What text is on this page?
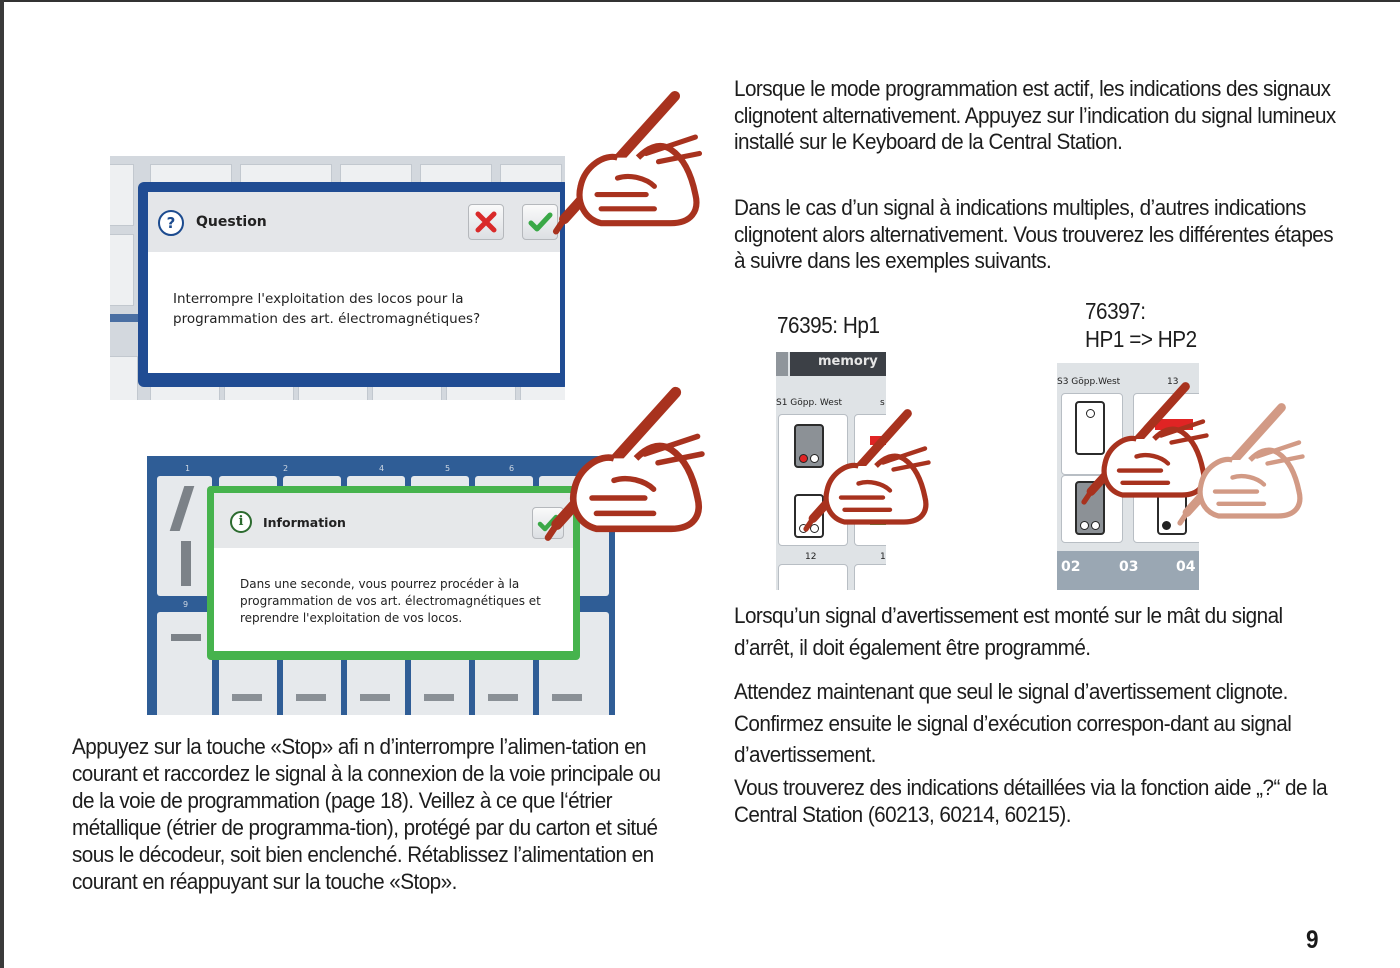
?	Question
Interrompre l'exploitation des locos pour la
programmation des art. électromagnétiques?
1	2	4	5	6
9
i	Information
Dans une seconde, vous pourrez procéder à la
programmation de vos art. électromagnétiques et
reprendre l'exploitation de vos locos.

Lorsque le mode programmation est actif, les indications des signaux clignotent alternativement. Appuyez sur l’indication du signal lumineux installé sur le Keyboard de la Central Station.

Dans le cas d’un signal à indications multiples, d’autres indications clignotent alors alternativement. Vous trouverez les différentes étapes à suivre dans les exemples suivants.

76395: Hp1
76397:
HP1 => HP2
memory
S1 Göpp. West	s
12	1
S3 Göpp.West	13
02	03	04

Lorsqu’un signal d’avertissement est monté sur le mât du signal d’arrêt, il doit également être programmé.

Attendez maintenant que seul le signal d’avertissement clignote. Confirmez ensuite le signal d’exécution correspon-dant au signal d’avertissement.

Vous trouverez des indications détaillées via la fonction aide „?“ de la Central Station (60213, 60214, 60215).

Appuyez sur la touche «Stop» afi n d’interrompre l’alimen-tation en courant et raccordez le signal à la connexion de la voie principale ou de la voie de programmation (page 18). Veillez à ce que l‘étrier métallique (étrier de programma-tion), protégé par du carton et situé sous le décodeur, soit bien enclenché. Rétablissez l’alimentation en courant en réappuyant sur la touche «Stop».

9
